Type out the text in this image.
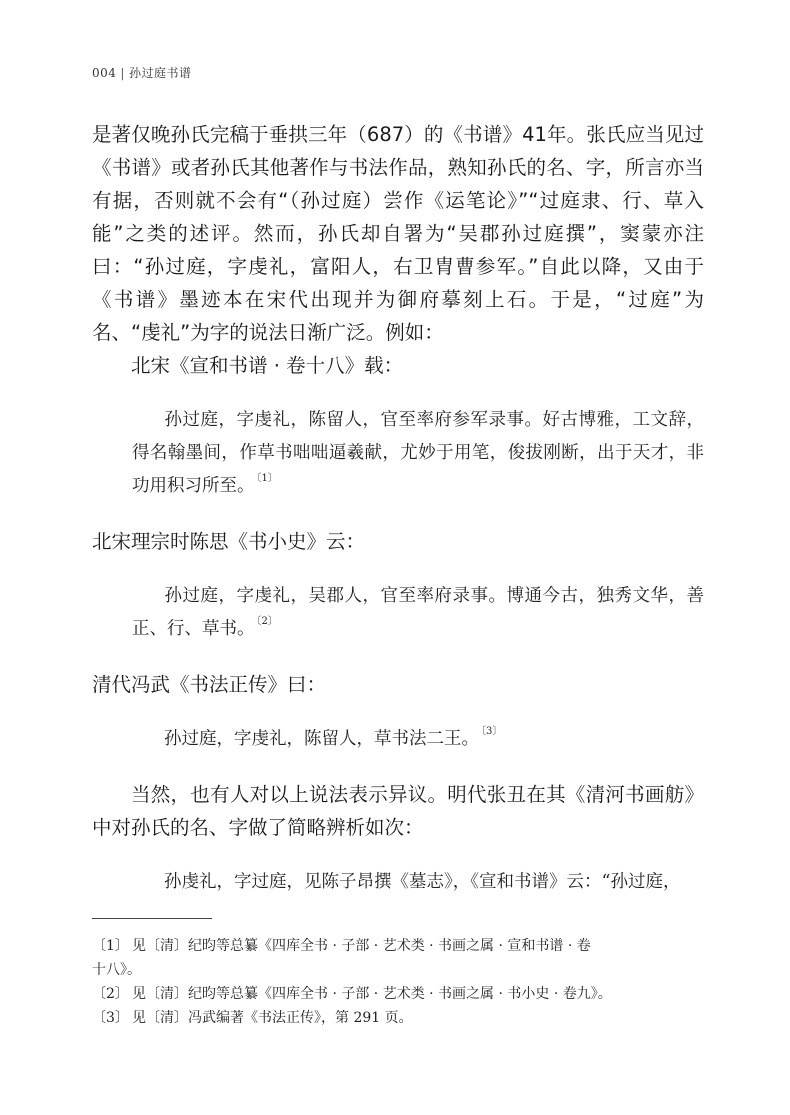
004 | 孙过庭书谱

是著仅晚孙氏完稿于垂拱三年（687）的《书谱》41年。张氏应当见过《书谱》或者孙氏其他著作与书法作品，熟知孙氏的名、字，所言亦当有据，否则就不会有“（孙过庭）尝作《运笔论》”“过庭隶、行、草入能”之类的述评。然而，孙氏却自署为“吴郡孙过庭撰”，窦蒙亦注曰：“孙过庭，字虔礼，富阳人，右卫胄曹参军。”自此以降，又由于《书谱》墨迹本在宋代出现并为御府摹刻上石。于是，“过庭”为名、“虔礼”为字的说法日渐广泛。例如：

北宋《宣和书谱 · 卷十八》载：

孙过庭，字虔礼，陈留人，官至率府参军录事。好古博雅，工文辞，得名翰墨间，作草书咄咄逼羲献，尤妙于用笔，俊拔刚断，出于天才，非功用积习所至。 $^{〔1〕}$

北宋理宗时陈思《书小史》云：

孙过庭，字虔礼，吴郡人，官至率府录事。博通今古，独秀文华，善正、行、草书。 $^{〔2〕}$

清代冯武《书法正传》曰：

孙过庭，字虔礼，陈留人，草书法二王。 $^{〔3〕}$

当然，也有人对以上说法表示异议。明代张丑在其《清河书画舫》中对孙氏的名、字做了简略辨析如次：

孙虔礼，字过庭，见陈子昂撰《墓志》，《宣和书谱》云：“孙过庭，

〔1〕 见〔清〕纪昀等总纂《四库全书 · 子部 · 艺术类 · 书画之属 · 宣和书谱 · 卷

十八》。

〔2〕 见〔清〕纪昀等总纂《四库全书 · 子部 · 艺术类 · 书画之属 · 书小史 · 卷九》。

〔3〕 见〔清〕冯武编著《书法正传》，第 291 页。
